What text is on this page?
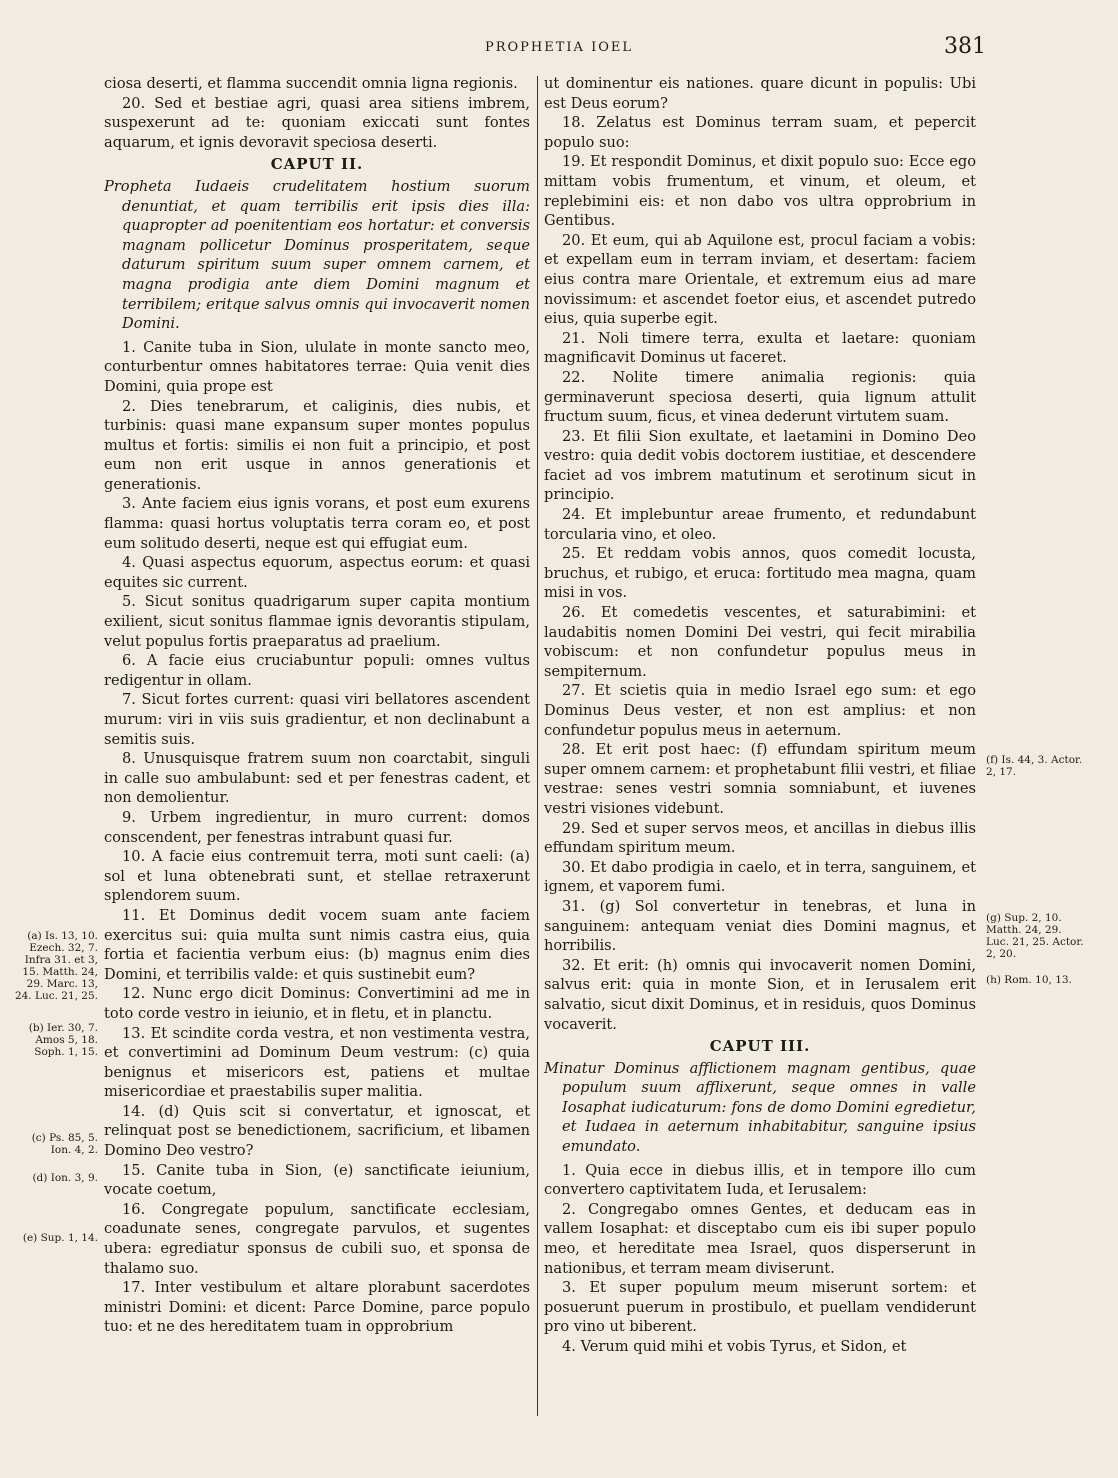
PROPHETIA IOEL	381

ciosa deserti, et flamma succendit omnia ligna regionis.

20. Sed et bestiae agri, quasi area sitiens imbrem, suspexerunt ad te: quoniam exiccati sunt fontes aquarum, et ignis devoravit speciosa deserti.

CAPUT II.

Propheta Iudaeis crudelitatem hostium suorum denuntiat, et quam terribilis erit ipsis dies illa: quapropter ad poenitentiam eos hortatur: et conversis magnam pollicetur Dominus prosperitatem, seque daturum spiritum suum super omnem carnem, et magna prodigia ante diem Domini magnum et terribilem; eritque salvus omnis qui invocaverit nomen Domini.

1. Canite tuba in Sion, ululate in monte sancto meo, conturbentur omnes habitatores terrae: Quia venit dies Domini, quia prope est

2. Dies tenebrarum, et caliginis, dies nubis, et turbinis: quasi mane expansum super montes populus multus et fortis: similis ei non fuit a principio, et post eum non erit usque in annos generationis et generationis.

3. Ante faciem eius ignis vorans, et post eum exurens flamma: quasi hortus voluptatis terra coram eo, et post eum solitudo deserti, neque est qui effugiat eum.

4. Quasi aspectus equorum, aspectus eorum: et quasi equites sic current.

5. Sicut sonitus quadrigarum super capita montium exilient, sicut sonitus flammae ignis devorantis stipulam, velut populus fortis praeparatus ad praelium.

6. A facie eius cruciabuntur populi: omnes vultus redigentur in ollam.

7. Sicut fortes current: quasi viri bellatores ascendent murum: viri in viis suis gradientur, et non declinabunt a semitis suis.

8. Unusquisque fratrem suum non coarctabit, singuli in calle suo ambulabunt: sed et per fenestras cadent, et non demolientur.

9. Urbem ingredientur, in muro current: domos conscendent, per fenestras intrabunt quasi fur.

10. A facie eius contremuit terra, moti sunt caeli: (a) sol et luna obtenebrati sunt, et stellae retraxerunt splendorem suum.

11. Et Dominus dedit vocem suam ante faciem exercitus sui: quia multa sunt nimis castra eius, quia fortia et facientia verbum eius: (b) magnus enim dies Domini, et terribilis valde: et quis sustinebit eum?

12. Nunc ergo dicit Dominus: Convertimini ad me in toto corde vestro in ieiunio, et in fletu, et in planctu.

13. Et scindite corda vestra, et non vestimenta vestra, et convertimini ad Dominum Deum vestrum: (c) quia benignus et misericors est, patiens et multae misericordiae et praestabilis super malitia.

14. (d) Quis scit si convertatur, et ignoscat, et relinquat post se benedictionem, sacrificium, et libamen Domino Deo vestro?

15. Canite tuba in Sion, (e) sanctificate ieiunium, vocate coetum,

16. Congregate populum, sanctificate ecclesiam, coadunate senes, congregate parvulos, et sugentes ubera: egrediatur sponsus de cubili suo, et sponsa de thalamo suo.

17. Inter vestibulum et altare plorabunt sacerdotes ministri Domini: et dicent: Parce Domine, parce populo tuo: et ne des hereditatem tuam in opprobrium

ut dominentur eis nationes. quare dicunt in populis: Ubi est Deus eorum?

18. Zelatus est Dominus terram suam, et pepercit populo suo:

19. Et respondit Dominus, et dixit populo suo: Ecce ego mittam vobis frumentum, et vinum, et oleum, et replebimini eis: et non dabo vos ultra opprobrium in Gentibus.

20. Et eum, qui ab Aquilone est, procul faciam a vobis: et expellam eum in terram inviam, et desertam: faciem eius contra mare Orientale, et extremum eius ad mare novissimum: et ascendet foetor eius, et ascendet putredo eius, quia superbe egit.

21. Noli timere terra, exulta et laetare: quoniam magnificavit Dominus ut faceret.

22. Nolite timere animalia regionis: quia germinaverunt speciosa deserti, quia lignum attulit fructum suum, ficus, et vinea dederunt virtutem suam.

23. Et filii Sion exultate, et laetamini in Domino Deo vestro: quia dedit vobis doctorem iustitiae, et descendere faciet ad vos imbrem matutinum et serotinum sicut in principio.

24. Et implebuntur areae frumento, et redundabunt torcularia vino, et oleo.

25. Et reddam vobis annos, quos comedit locusta, bruchus, et rubigo, et eruca: fortitudo mea magna, quam misi in vos.

26. Et comedetis vescentes, et saturabimini: et laudabitis nomen Domini Dei vestri, qui fecit mirabilia vobiscum: et non confundetur populus meus in sempiternum.

27. Et scietis quia in medio Israel ego sum: et ego Dominus Deus vester, et non est amplius: et non confundetur populus meus in aeternum.

28. Et erit post haec: (f) effundam spiritum meum super omnem carnem: et prophetabunt filii vestri, et filiae vestrae: senes vestri somnia somniabunt, et iuvenes vestri visiones videbunt.

29. Sed et super servos meos, et ancillas in diebus illis effundam spiritum meum.

30. Et dabo prodigia in caelo, et in terra, sanguinem, et ignem, et vaporem fumi.

31. (g) Sol convertetur in tenebras, et luna in sanguinem: antequam veniat dies Domini magnus, et horribilis.

32. Et erit: (h) omnis qui invocaverit nomen Domini, salvus erit: quia in monte Sion, et in Ierusalem erit salvatio, sicut dixit Dominus, et in residuis, quos Dominus vocaverit.

CAPUT III.

Minatur Dominus afflictionem magnam gentibus, quae populum suum afflixerunt, seque omnes in valle Iosaphat iudicaturum: fons de domo Domini egredietur, et Iudaea in aeternum inhabitabitur, sanguine ipsius emundato.

1. Quia ecce in diebus illis, et in tempore illo cum convertero captivitatem Iuda, et Ierusalem:

2. Congregabo omnes Gentes, et deducam eas in vallem Iosaphat: et disceptabo cum eis ibi super populo meo, et hereditate mea Israel, quos disperserunt in nationibus, et terram meam diviserunt.

3. Et super populum meum miserunt sortem: et posuerunt puerum in prostibulo, et puellam vendiderunt pro vino ut biberent.

4. Verum quid mihi et vobis Tyrus, et Sidon, et

(a) Is. 13, 10. Ezech. 32, 7. Infra 31. et 3, 15. Matth. 24, 29. Marc. 13, 24. Luc. 21, 25.
(b) Ier. 30, 7. Amos 5, 18. Soph. 1, 15.
(c) Ps. 85, 5. Ion. 4, 2.
(d) Ion. 3, 9.
(e) Sup. 1, 14.
(f) Is. 44, 3. Actor. 2, 17.
(g) Sup. 2, 10. Matth. 24, 29. Luc. 21, 25. Actor. 2, 20.
(h) Rom. 10, 13.
